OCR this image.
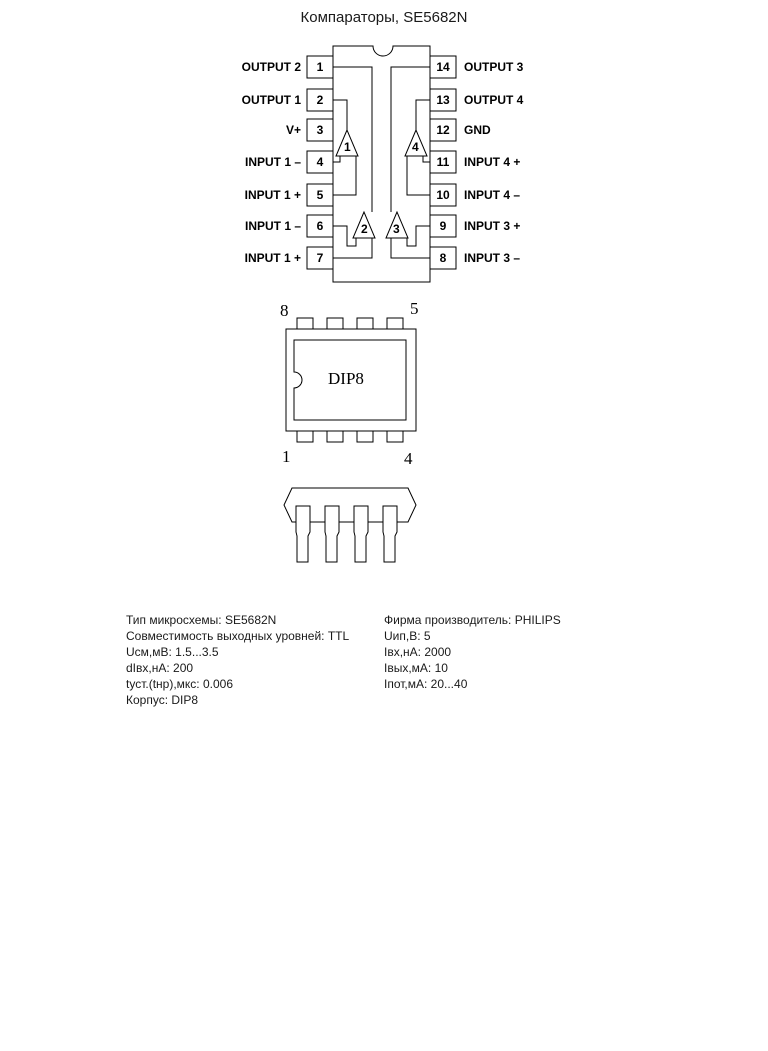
Компараторы, SE5682N
1
2
3
4
5
6
7
14
13
12
11
10
9
8
OUTPUT 2
OUTPUT 1
V+
INPUT 1 –
INPUT 1 +
INPUT 1 –
INPUT 1 +
OUTPUT 3
OUTPUT 4
GND
INPUT 4 +
INPUT 4 –
INPUT 3 +
INPUT 3 –
1	4
2 3
DIP8
8	5
1	4
Тип микросхемы: SE5682N	Фирма производитель: PHILIPS
Совместимость выходных уровней: TTL	Uип,В: 5
Uсм,мВ: 1.5...3.5	Iвх,нА: 2000
dIвх,нА: 200	Iвых,мА: 10
tуст.(tнр),мкс: 0.006	Iпот,мА: 20...40
Корпус: DIP8
